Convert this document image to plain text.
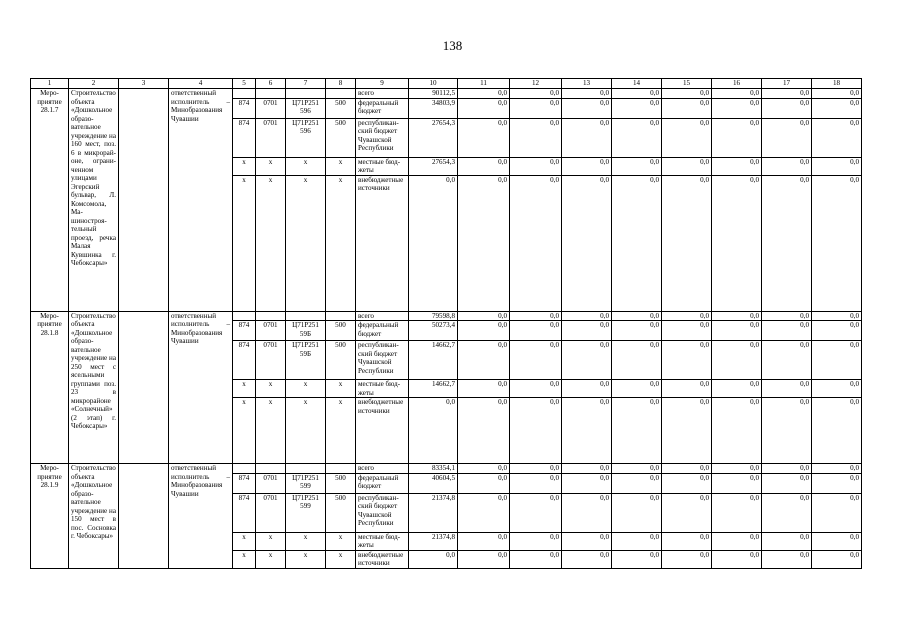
138
1	2	3	4	5	6	7	8	9	10	11	12	13	14	15	16	17	18
Мероприятие 28.1.7	Строительство объекта «Дошкольное образовательное учреждение на 160 мест, поз. 6 в микрорайоне, ограниченном улицами Эгерский бульвар, Л. Комсомола, Машиностроятельный проезд, речка Малая Кувшинка г. Чебоксары»		ответственный исполнитель – Минобразования Чувашии					всего	90112,5	0,0	0,0	0,0	0,0	0,0	0,0	0,0	0,0
				874	0701	Ц71P251 596	500	федеральный бюджет	34803,9	0,0	0,0	0,0	0,0	0,0	0,0	0,0	0,0
				874	0701	Ц71P251 596	500	республиканский бюджет Чувашской Республики	27654,3	0,0	0,0	0,0	0,0	0,0	0,0	0,0	0,0
				x	x	x	x	местные бюджеты	27654,3	0,0	0,0	0,0	0,0	0,0	0,0	0,0	0,0
				x	x	x	x	внебюджетные источники	0,0	0,0	0,0	0,0	0,0	0,0	0,0	0,0	0,0
Мероприятие 28.1.8	Строительство объекта «Дошкольное образовательное учреждение на 250 мест с ясельными группами поз. 23 в микрорайоне «Солнечный» (2 этап) г. Чебоксары»		ответственный исполнитель – Минобразования Чувашии					всего	79598,8	0,0	0,0	0,0	0,0	0,0	0,0	0,0	0,0
				874	0701	Ц71P251 59Б	500	федеральный бюджет	50273,4	0,0	0,0	0,0	0,0	0,0	0,0	0,0	0,0
				874	0701	Ц71P251 59Б	500	республиканский бюджет Чувашской Республики	14662,7	0,0	0,0	0,0	0,0	0,0	0,0	0,0	0,0
				x	x	x	x	местные бюджеты	14662,7	0,0	0,0	0,0	0,0	0,0	0,0	0,0	0,0
				x	x	x	x	внебюджетные источники	0,0	0,0	0,0	0,0	0,0	0,0	0,0	0,0	0,0
Мероприятие 28.1.9	Строительство объекта «Дошкольное образовательное учреждение на 150 мест в пос. Сосновка г. Чебоксары»		ответственный исполнитель – Минобразования Чувашии					всего	83354,1	0,0	0,0	0,0	0,0	0,0	0,0	0,0	0,0
				874	0701	Ц71P251 599	500	федеральный бюджет	40604,5	0,0	0,0	0,0	0,0	0,0	0,0	0,0	0,0
				874	0701	Ц71P251 599	500	республиканский бюджет Чувашской Республики	21374,8	0,0	0,0	0,0	0,0	0,0	0,0	0,0	0,0
				x	x	x	x	местные бюджеты	21374,8	0,0	0,0	0,0	0,0	0,0	0,0	0,0	0,0
				x	x	x	x	внебюджетные источники	0,0	0,0	0,0	0,0	0,0	0,0	0,0	0,0	0,0
